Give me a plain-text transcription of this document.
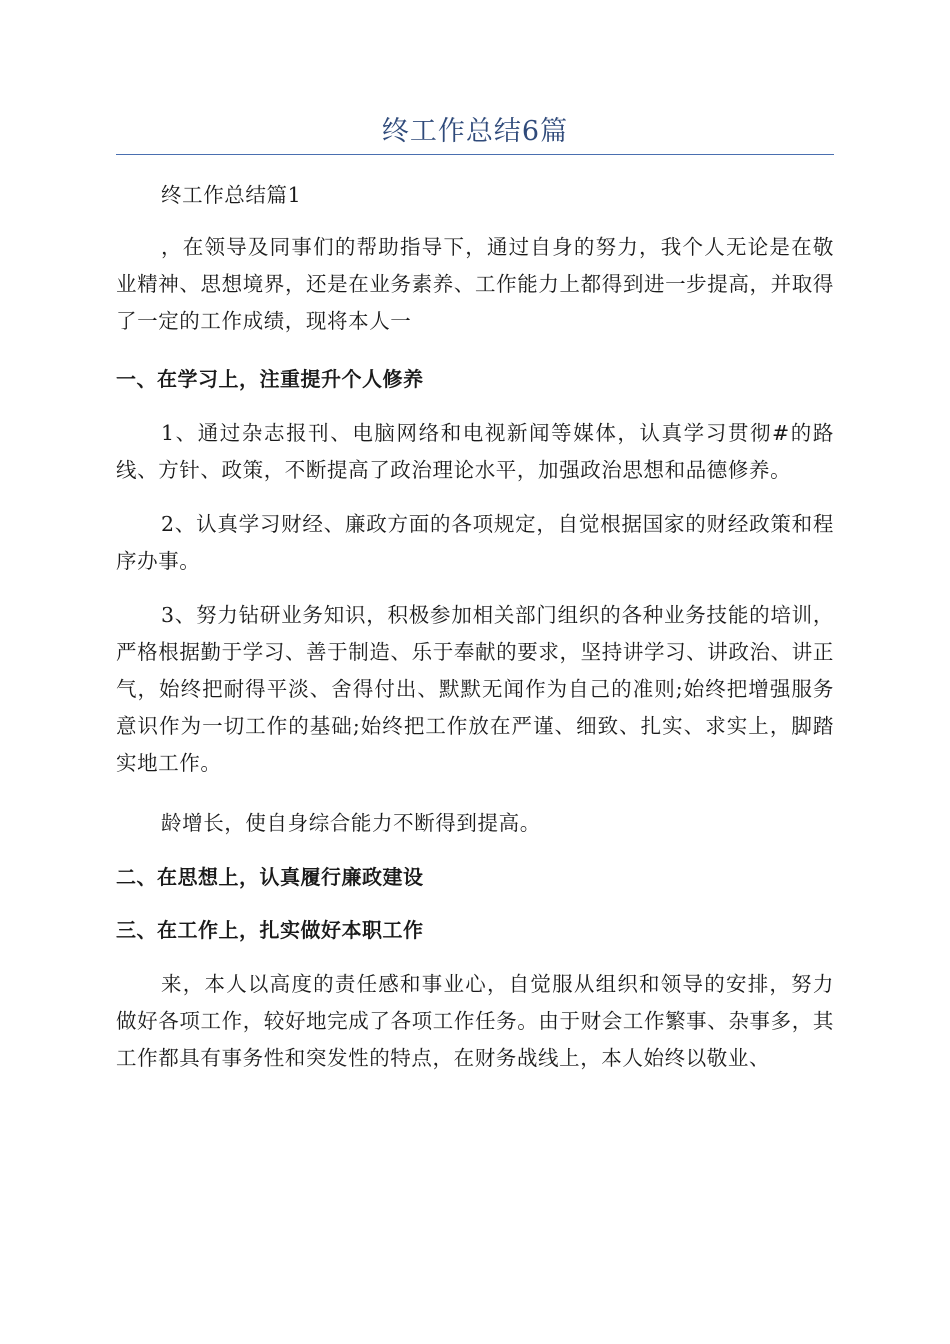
终工作总结6篇

终工作总结篇1

，在领导及同事们的帮助指导下，通过自身的努力，我个人无论是在敬业精神、思想境界，还是在业务素养、工作能力上都得到进一步提高，并取得了一定的工作成绩，现将本人一

一、在学习上，注重提升个人修养

1、通过杂志报刊、电脑网络和电视新闻等媒体，认真学习贯彻#的路线、方针、政策，不断提高了政治理论水平，加强政治思想和品德修养。

2、认真学习财经、廉政方面的各项规定，自觉根据国家的财经政策和程序办事。

3、努力钻研业务知识，积极参加相关部门组织的各种业务技能的培训，严格根据勤于学习、善于制造、乐于奉献的要求，坚持讲学习、讲政治、讲正气，始终把耐得平淡、舍得付出、默默无闻作为自己的准则;始终把增强服务意识作为一切工作的基础;始终把工作放在严谨、细致、扎实、求实上，脚踏实地工作。

龄增长，使自身综合能力不断得到提高。

二、在思想上，认真履行廉政建设

三、在工作上，扎实做好本职工作

来，本人以高度的责任感和事业心，自觉服从组织和领导的安排，努力做好各项工作，较好地完成了各项工作任务。由于财会工作繁事、杂事多，其工作都具有事务性和突发性的特点，在财务战线上，本人始终以敬业、
